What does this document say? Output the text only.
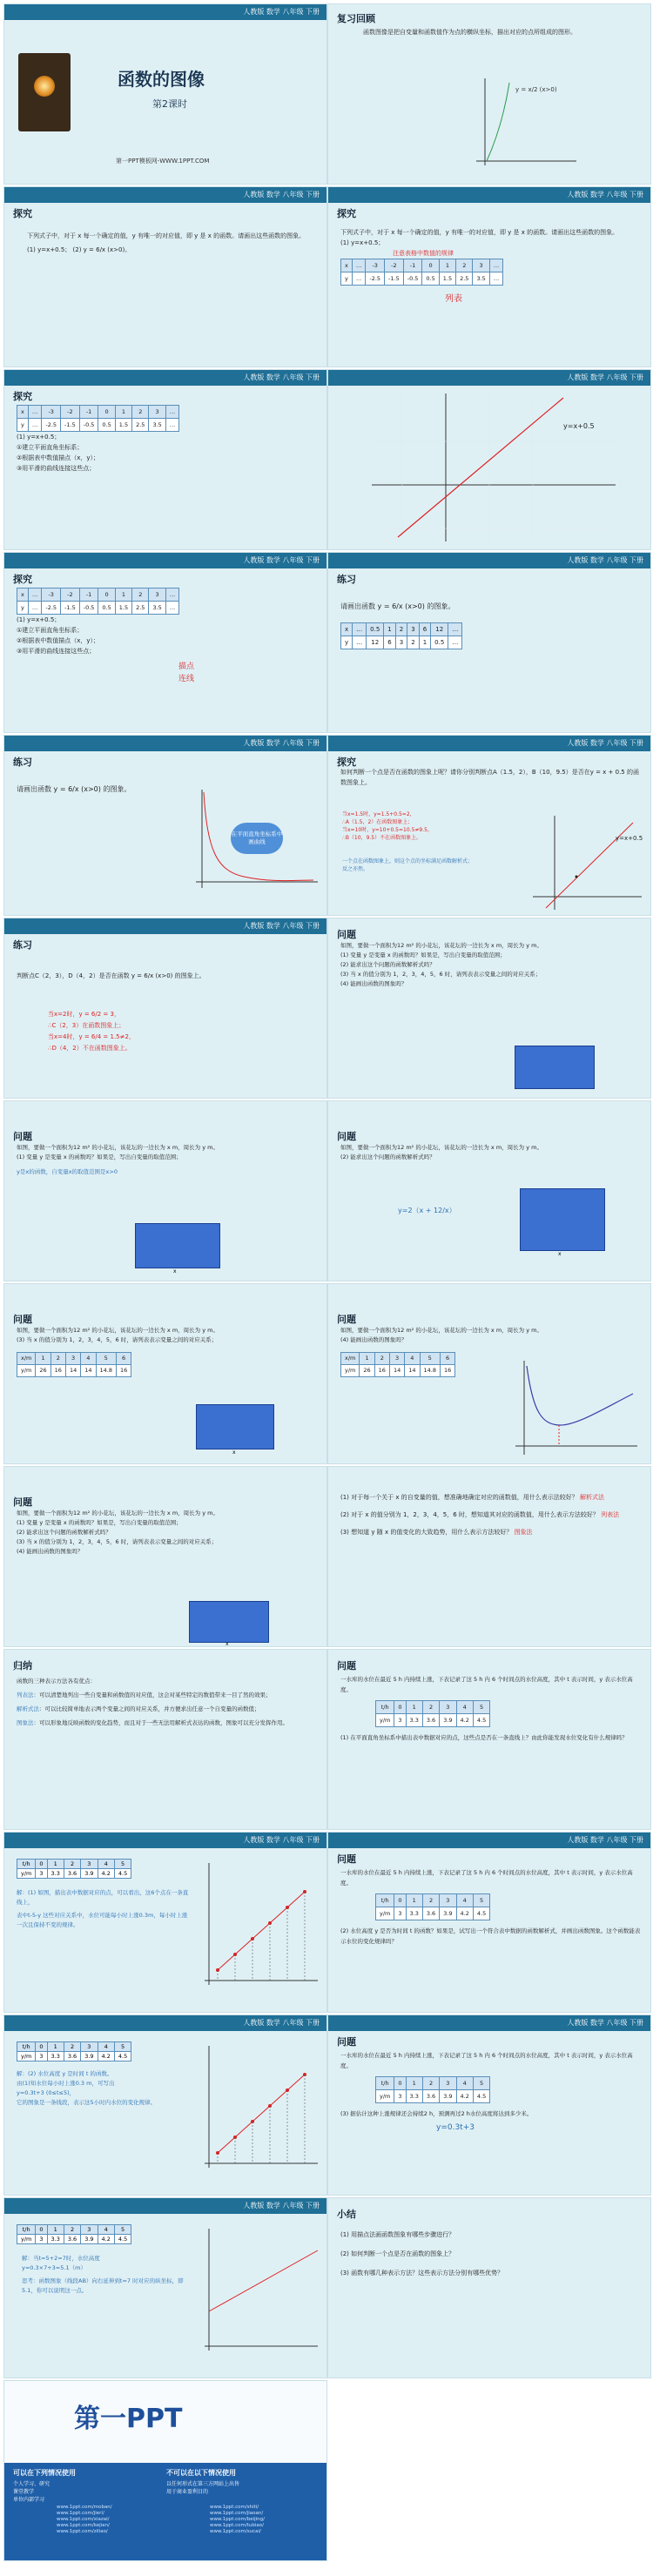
人教版 数学 八年级 下册
函数的图像
第2课时
第一PPT模板网-WWW.1PPT.COM
复习回顾
函数图像是把自变量和函数值作为点的横纵坐标，描出对应的点所组成的图形。
y = x/2 (x>0)
人教版 数学 八年级 下册
探究
下列式子中，对于 x 每一个确定的值，y 有唯一的对应值，即 y 是 x 的函数。请画出这些函数的图象。
(1) y=x+0.5； (2) y = 6/x (x>0)。
人教版 数学 八年级 下册
探究
下列式子中，对于 x 每一个确定的值，y 有唯一的对应值，即 y 是 x 的函数。请画出这些函数的图象。
(1) y=x+0.5；
注意表格中数值的规律
x	…	-3	-2	-1	0	1	2	3	…
y	…	-2.5	-1.5	-0.5	0.5	1.5	2.5	3.5	…
列表
人教版 数学 八年级 下册
探究
x	…	-3	-2	-1	0	1	2	3	…
y	…	-2.5	-1.5	-0.5	0.5	1.5	2.5	3.5	…
(1) y=x+0.5；
①建立平面直角坐标系；
②根据表中数值描点（x，y）；
③用平滑的曲线连接这些点；
人教版 数学 八年级 下册
y=x+0.5
人教版 数学 八年级 下册
探究
x	…	-3	-2	-1	0	1	2	3	…
y	…	-2.5	-1.5	-0.5	0.5	1.5	2.5	3.5	…
(1) y=x+0.5；
①建立平面直角坐标系；
②根据表中数值描点（x，y）；
③用平滑的曲线连接这些点；
描点
连线
人教版 数学 八年级 下册
练习
请画出函数 y = 6/x (x>0) 的图象。
x	…	0.5	1	2	3	6	12	…
y	…	12	6	3	2	1	0.5	…
人教版 数学 八年级 下册
练习
请画出函数 y = 6/x (x>0) 的图象。
在平面直角坐标系中画曲线
人教版 数学 八年级 下册
探究
如何判断一个点是否在函数的图象上呢？请你分别判断点A（1.5，2），B（10，9.5）是否在y = x + 0.5 的函数图象上。
当x=1.5时，y=1.5+0.5=2，
∴A（1.5，2）在函数图象上；
当x=10时，y=10+0.5=10.5≠9.5，
∴B（10，9.5）不在函数图象上。
一个点在函数图象上，则这个点的坐标满足函数解析式；反之亦然。
y=x+0.5
人教版 数学 八年级 下册
练习
判断点C（2，3），D（4，2）是否在函数 y = 6/x (x>0) 的图象上。
当x=2时，y = 6/2 = 3，
∴C（2，3）在函数图象上；
当x=4时，y = 6/4 = 1.5≠2，
∴D（4，2）不在函数图象上。
问题
如图，要做一个面积为12 m² 的小花坛，该花坛的一边长为 x m，周长为 y m。
(1) 变量 y 是变量 x 的函数吗？如果是，写出自变量的取值范围；
(2) 能求出这个问题的函数解析式吗？
(3) 当 x 的值分别为 1，2，3，4，5，6 时，请列表表示变量之间的对应关系；
(4) 能画出函数的图象吗？
问题
如图，要做一个面积为12 m² 的小花坛，该花坛的一边长为 x m，周长为 y m。
(1) 变量 y 是变量 x 的函数吗？如果是，写出自变量的取值范围；
y是x的函数，自变量x的取值范围是x>0
x
问题
如图，要做一个面积为12 m² 的小花坛，该花坛的一边长为 x m，周长为 y m。
(2) 能求出这个问题的函数解析式吗？
y=2（x + 12/x）
x
问题
如图，要做一个面积为12 m² 的小花坛，该花坛的一边长为 x m，周长为 y m。
(3) 当 x 的值分别为 1，2，3，4，5，6 时，请列表表示变量之间的对应关系；
x/m	1	2	3	4	5	6
y/m	26	16	14	14	14.8	16
x
问题
如图，要做一个面积为12 m² 的小花坛，该花坛的一边长为 x m，周长为 y m。
(4) 能画出函数的图象吗？
x/m	1	2	3	4	5	6
y/m	26	16	14	14	14.8	16
问题
如图，要做一个面积为12 m² 的小花坛，该花坛的一边长为 x m，周长为 y m。
(1) 变量 y 是变量 x 的函数吗？如果是，写出自变量的取值范围；
(2) 能求出这个问题的函数解析式吗？
(3) 当 x 的值分别为 1，2，3，4，5，6 时，请列表表示变量之间的对应关系；
(4) 能画出函数的图象吗？
x
(1) 对于每一个关于 x 的自变量的值，想准确地确定对应的函数值，用什么表示法较好？ 解析式法
(2) 对于 x 的值分别为 1，2，3，4，5，6 时，想知道其对应的函数值，用什么表示方法较好？ 列表法
(3) 想知道 y 随 x 的值变化的大致趋势，用什么表示方法较好？ 图象法
归纳
函数的三种表示方法各有优点：
列表法：可以清楚地列出一些自变量和函数值的对应值，这会对某些特定的数值带来一目了然的效果；
解析式法：可以比较简单地表示两个变量之间的对应关系，并方便求出任意一个自变量的函数值；
图象法：可以形象地反映函数的变化趋势，而且对于一些无法用解析式表达的函数，图象可以充分发挥作用。
问题
一水库的水位在最近 5 h 内持续上涨，下表记录了这 5 h 内 6 个时间点的水位高度，其中 t 表示时间，y 表示水位高度。
t/h	0	1	2	3	4	5
y/m	3	3.3	3.6	3.9	4.2	4.5
(1) 在平面直角坐标系中描出表中数据对应的点，这些点是否在一条直线上？由此你能发现水位变化有什么规律吗？
人教版 数学 八年级 下册
t/h	0	1	2	3	4	5
y/m	3	3.3	3.6	3.9	4.2	4.5
解：(1) 如图，描出表中数据对应的点，可以看出，这6个点在一条直线上，
表中t-5-y 这些对应关系中，水位可能每小时上涨0.3m，每小时上涨一次且保持不变的规律。
人教版 数学 八年级 下册
问题
一水库的水位在最近 5 h 内持续上涨，下表记录了这 5 h 内 6 个时间点的水位高度，其中 t 表示时间，y 表示水位高度。
t/h	0	1	2	3	4	5
y/m	3	3.3	3.6	3.9	4.2	4.5
(2) 水位高度 y 是否为时间 t 的函数？如果是，试写出一个符合表中数据的函数解析式，并画出函数图象。这个函数能表示水位的变化规律吗？
人教版 数学 八年级 下册
t/h	0	1	2	3	4	5
y/m	3	3.3	3.6	3.9	4.2	4.5
解：(2) 水位高度 y 是时间 t 的函数。
由(1)知水位每小时上涨0.3 m，可写出
y=0.3t+3 (0≤t≤5)，
它的图象是一条线段，表示这5小时内水位的变化规律。
人教版 数学 八年级 下册
问题
一水库的水位在最近 5 h 内持续上涨，下表记录了这 5 h 内 6 个时间点的水位高度，其中 t 表示时间，y 表示水位高度。
t/h	0	1	2	3	4	5
y/m	3	3.3	3.6	3.9	4.2	4.5
(3) 据估计这种上涨规律还会持续2 h，预测再过2 h水位高度将达到多少米。
y=0.3t+3
人教版 数学 八年级 下册
t/h	0	1	2	3	4	5
y/m	3	3.3	3.6	3.9	4.2	4.5
解：当t=5+2=7时，水位高度
y=0.3×7+3=5.1（m）
思考：函数图象（线段AB）向右延伸到t=7 时对应的纵坐标，即5.1，你可以说明这一点。
小结
(1) 用描点法画函数图象有哪些步骤进行？
(2) 如何判断一个点是否在函数的图象上？
(3) 函数有哪几种表示方法？这些表示方法分别有哪些优势？
第一PPT
可以在下列情况使用
个人学习、研究
课堂教学
单位内部学习
不可以在以下情况使用
以任何形式在第三方网站上出售
用于商业盈利目的
www.1ppt.com/moban/
www.1ppt.com/jieri/
www.1ppt.com/xiazai/
www.1ppt.com/kejian/
www.1ppt.com/ziliao/
www.1ppt.com/shiti/
www.1ppt.com/jiaoan/
www.1ppt.com/beijing/
www.1ppt.com/tubiao/
www.1ppt.com/sucai/
